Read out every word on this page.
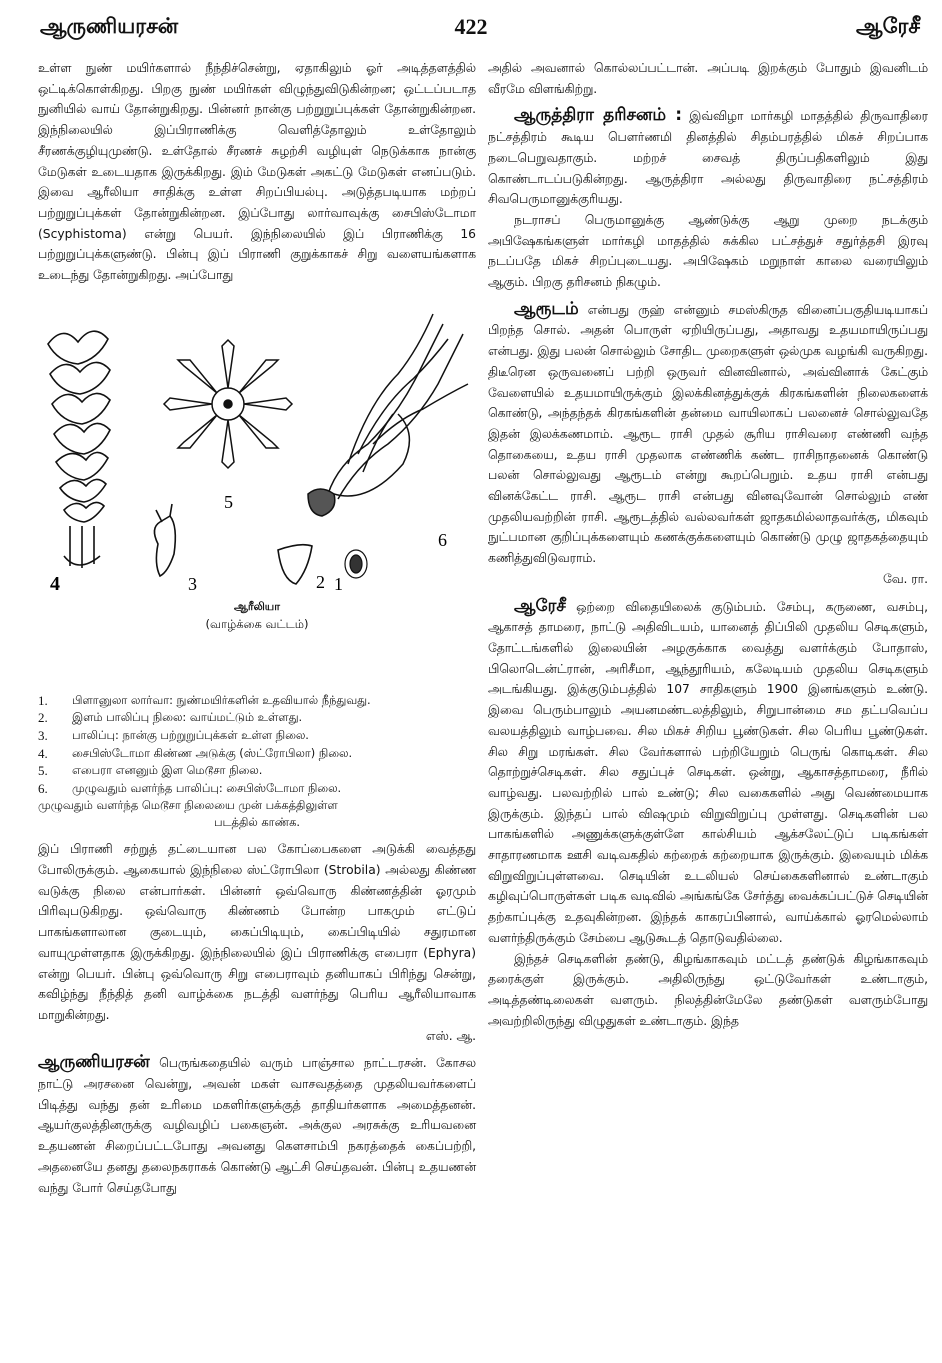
ஆருணியரசன்	422	ஆரேசீ

உள்ள நுண் மயிர்களால் நீந்திச்சென்று, ஏதாகிலும் ஓர் அடித்தளத்தில் ஒட்டிக்கொள்கிறது. பிறகு நுண் மயிர்கள் விழுந்துவிடுகின்றன; ஒட்டப்படாத நுனியில் வாய் தோன்றுகிறது. பின்னர் நான்கு பற்றுறுப்புக்கள் தோன்றுகின்றன. இந்நிலையில் இப்பிராணிக்கு வெளித்தோலும் உள்தோலும் சீரணக்குழியுமுண்டு. உள்தோல் சீரணச் சுழற்சி வழியுள் நெடுக்காக நான்கு மேடுகள் உடையதாக இருக்கிறது. இம் மேடுகள் அகட்டு மேடுகள் எனப்படும். இவை ஆரீலியா சாதிக்கு உள்ள சிறப்பியல்பு. அடுத்தபடியாக மற்றப் பற்றுறுப்புக்கள் தோன்றுகின்றன. இப்போது லார்வாவுக்கு சைபிஸ்டோமா (Scyphistoma) என்று பெயர். இந்நிலையில் இப் பிராணிக்கு 16 பற்றுறுப்புக்களுண்டு. பின்பு இப் பிராணி குறுக்காகச் சிறு வளையங்களாக உடைந்து தோன்றுகிறது. அப்போது

4
5
6
3	2 1
ஆரீலியா
(வாழ்க்கை வட்டம்)
1.	பிளானுலா லார்வா: நுண்மயிர்களின் உதவியால் நீந்துவது.
2.	இளம் பாலிப்பு நிலை: வாய்மட்டும் உள்ளது.
3.	பாலிப்பு: நான்கு பற்றுறுப்புக்கள் உள்ள நிலை.
4.	சைபிஸ்டோமா கிண்ண அடுக்கு (ஸ்ட்ரோபிலா) நிலை.
5.	எபைரா எனனும் இள மெடூசா நிலை.
6.	முழுவதும் வளர்ந்த பாலிப்பு: சைபிஸ்டோமா நிலை.
முழுவதும் வளர்ந்த மெடூசா நிலையை முன் பக்கத்திலுள்ள
படத்தில் காண்க.

இப் பிராணி சற்றுத் தட்டையான பல கோப்பைகளை அடுக்கி வைத்தது போலிருக்கும். ஆகையால் இந்நிலை ஸ்ட்ரோபிலா (Strobila) அல்லது கிண்ண வடுக்கு நிலை என்பார்கள். பின்னர் ஒவ்வொரு கிண்ணத்தின் ஓரமும் பிரிவுபடுகிறது. ஒவ்வொரு கிண்ணம் போன்ற பாகமும் எட்டுப் பாகங்களாலான குடையும், கைப்பிடியும், கைப்பிடியில் சதுரமான வாயுமுள்ளதாக இருக்கிறது. இந்நிலையில் இப் பிராணிக்கு எபைரா (Ephyra) என்று பெயர். பின்பு ஒவ்வொரு சிறு எபைராவும் தனியாகப் பிரிந்து சென்று, கவிழ்ந்து நீந்தித் தனி வாழ்க்கை நடத்தி வளர்ந்து பெரிய ஆரீலியாவாக மாறுகின்றது.

எஸ். ஆ.

ஆருணியரசன் பெருங்கதையில் வரும் பாஞ்சால நாட்டரசன். கோசல நாட்டு அரசனை வென்று, அவன் மகள் வாசவதத்தை முதலியவர்களைப் பிடித்து வந்து தன் உரிமை மகளிர்களுக்குத் தாதியர்களாக அமைத்தனன். ஆயர்குலத்தினருக்கு வழிவழிப் பகைஞன். அக்குல அரசுக்கு உரியவனை உதயணன் சிறைப்பட்டபோது அவனது கௌசாம்பி நகரத்தைக் கைப்பற்றி, அதனையே தனது தலைநகராகக் கொண்டு ஆட்சி செய்தவன். பின்பு உதயணன் வந்து போர் செய்தபோது

அதில் அவனால் கொல்லப்பட்டான். அப்படி இறக்கும் போதும் இவனிடம் வீரமே விளங்கிற்று.

ஆருத்திரா தரிசனம் : இவ்விழா மார்கழி மாதத்தில் திருவாதிரை நட்சத்திரம் கூடிய பௌர்ணமி தினத்தில் சிதம்பரத்தில் மிகச் சிறப்பாக நடைபெறுவதாகும். மற்றச் சைவத் திருப்பதிகளிலும் இது கொண்டாடப்படுகின்றது. ஆருத்திரா அல்லது திருவாதிரை நட்சத்திரம் சிவபெருமானுக்குரியது.

நடராசப் பெருமானுக்கு ஆண்டுக்கு ஆறு முறை நடக்கும் அபிஷேகங்களுள் மார்கழி மாதத்தில் சுக்கில பட்சத்துச் சதுர்த்தசி இரவு நடப்பதே மிகச் சிறப்புடையது. அபிஷேகம் மறுநாள் காலை வரையிலும் ஆகும். பிறகு தரிசனம் நிகழும்.

ஆரூடம் என்பது ருஹ் என்னும் சமஸ்கிருத வினைப்பகுதியடியாகப் பிறந்த சொல். அதன் பொருள் ஏறியிருப்பது, அதாவது உதயமாயிருப்பது என்பது. இது பலன் சொல்லும் சோதிட முறைகளுள் ஒல்முக வழங்கி வருகிறது. திடீரென ஒருவனைப் பற்றி ஒருவர் வினவினால், அவ்வினாக் கேட்கும் வேளையில் உதயமாயிருக்கும் இலக்கினத்துக்குக் கிரகங்களின் நிலைகளைக் கொண்டு, அந்தந்தக் கிரகங்களின் தன்மை வாயிலாகப் பலனைச் சொல்லுவதே இதன் இலக்கணமாம். ஆரூட ராசி முதல் சூரிய ராசிவரை எண்ணி வந்த தொகையை, உதய ராசி முதலாக எண்ணிக் கண்ட ராசிநாதனைக் கொண்டு பலன் சொல்லுவது ஆரூடம் என்று கூறப்பெறும். உதய ராசி என்பது வினக்கேட்ட ராசி. ஆரூட ராசி என்பது வினவுவோன் சொல்லும் எண் முதலியவற்றின் ராசி. ஆரூடத்தில் வல்லவர்கள் ஜாதகமில்லாதவர்க்கு, மிகவும் நுட்பமான குறிப்புக்களையும் கணக்குக்களையும் கொண்டு முழு ஜாதகத்தையும் கணித்துவிடுவராம்.

வே. ரா.

ஆரேசீ ஒற்றை விதையிலைக் குடும்பம். சேம்பு, கருணை, வசம்பு, ஆகாசத் தாமரை, நாட்டு அதிவிடயம், யானைத் திப்பிலி முதலிய செடிகளும், தோட்டங்களில் இலையின் அழகுக்காக வைத்து வளர்க்கும் போதாஸ், பிலொடென்ட்ரான், அரிசீமா, ஆந்தூரியம், கலேடியம் முதலிய செடிகளும் அடங்கியது. இக்குடும்பத்தில் 107 சாதிகளும் 1900 இனங்களும் உண்டு. இவை பெரும்பாலும் அயனமண்டலத்திலும், சிறுபான்மை சம தட்பவெப்ப வலயத்திலும் வாழ்பவை. சில மிகச் சிறிய பூண்டுகள். சில பெரிய பூண்டுகள். சில சிறு மரங்கள். சில வேர்களால் பற்றியேறும் பெருங் கொடிகள். சில தொற்றுச்செடிகள். சில சதுப்புச் செடிகள். ஒன்று, ஆகாசத்தாமரை, நீரில் வாழ்வது. பலவற்றில் பால் உண்டு; சில வகைகளில் அது வெண்மையாக இருக்கும். இந்தப் பால் விஷமும் விறுவிறுப்பு முள்ளது. செடிகளின் பல பாகங்களில் அணுக்களுக்குள்ளே கால்சியம் ஆக்சலேட்டுப் படிகங்கள் சாதாரணமாக ஊசி வடிவகதில் கற்றைக் கற்றையாக இருக்கும். இவையும் மிக்க விறுவிறுப்புள்ளவை. செடியின் உடலியல் செய்கைகளினால் உண்டாகும் கழிவுப்பொருள்கள் படிக வடிவில் அங்கங்கே சேர்த்து வைக்கப்பட்டுச் செடியின் தற்காப்புக்கு உதவுகின்றன. இந்தக் காகரப்பினால், வாய்க்கால் ஓரமெல்லாம் வளர்ந்திருக்கும் சேம்பை ஆடுகூடத் தொடுவதில்லை.

இந்தச் செடிகளின் தண்டு, கிழங்காகவும் மட்டத் தண்டுக் கிழங்காகவும் தரைக்குள் இருக்கும். அதிலிருந்து ஒட்டுவேர்கள் உண்டாகும், அடித்தண்டிலைகள் வளரும். நிலத்தின்மேலே தண்டுகள் வளரும்போது அவற்றிலிருந்து விழுதுகள் உண்டாகும். இந்த
